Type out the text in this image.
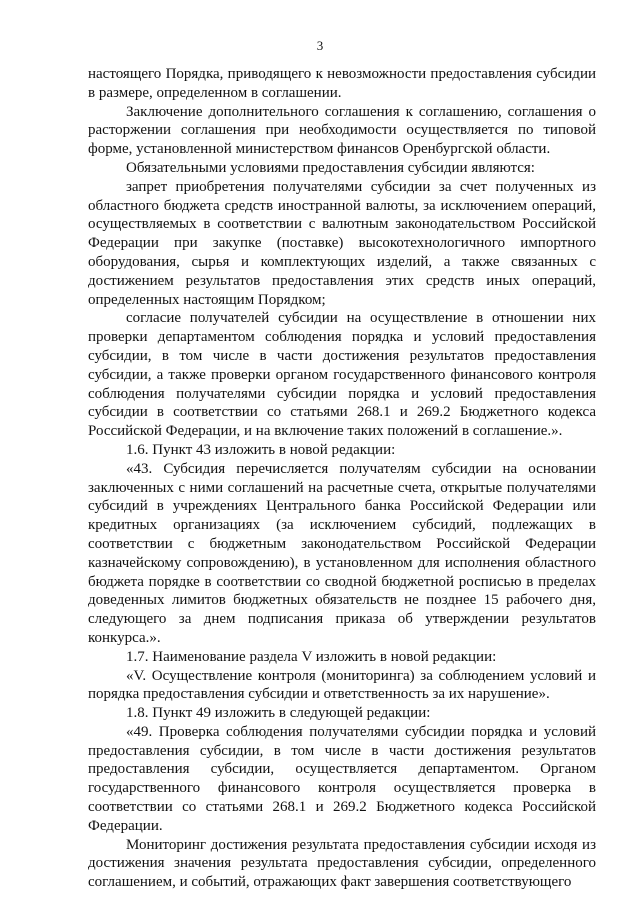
3

настоящего Порядка, приводящего к невозможности предоставления субсидии в размере, определенном в соглашении.

Заключение дополнительного соглашения к соглашению, соглашения о расторжении соглашения при необходимости осуществляется по типовой форме, установленной министерством финансов Оренбургской области.

Обязательными условиями предоставления субсидии являются:

запрет приобретения получателями субсидии за счет полученных из областного бюджета средств иностранной валюты, за исключением операций, осуществляемых в соответствии с валютным законодательством Российской Федерации при закупке (поставке) высокотехнологичного импортного оборудования, сырья и комплектующих изделий, а также связанных с достижением результатов предоставления этих средств иных операций, определенных настоящим Порядком;

согласие получателей субсидии на осуществление в отношении них проверки департаментом соблюдения порядка и условий предоставления субсидии, в том числе в части достижения результатов предоставления субсидии, а также проверки органом государственного финансового контроля соблюдения получателями субсидии порядка и условий предоставления субсидии в соответствии со статьями 268.1 и 269.2 Бюджетного кодекса Российской Федерации, и на включение таких положений в соглашение.».

1.6. Пункт 43 изложить в новой редакции:

«43. Субсидия перечисляется получателям субсидии на основании заключенных с ними соглашений на расчетные счета, открытые получателями субсидий в учреждениях Центрального банка Российской Федерации или кредитных организациях (за исключением субсидий, подлежащих в соответствии с бюджетным законодательством Российской Федерации казначейскому сопровождению), в установленном для исполнения областного бюджета порядке в соответствии со сводной бюджетной росписью в пределах доведенных лимитов бюджетных обязательств не позднее 15 рабочего дня, следующего за днем подписания приказа об утверждении результатов конкурса.».

1.7. Наименование раздела V изложить в новой редакции:

«V. Осуществление контроля (мониторинга) за соблюдением условий и порядка предоставления субсидии и ответственность за их нарушение».

1.8. Пункт 49 изложить в следующей редакции:

«49. Проверка соблюдения получателями субсидии порядка и условий предоставления субсидии, в том числе в части достижения результатов предоставления субсидии, осуществляется департаментом. Органом государственного финансового контроля осуществляется проверка в соответствии со статьями 268.1 и 269.2 Бюджетного кодекса Российской Федерации.

Мониторинг достижения результата предоставления субсидии исходя из достижения значения результата предоставления субсидии, определенного соглашением, и событий, отражающих факт завершения соответствующего
